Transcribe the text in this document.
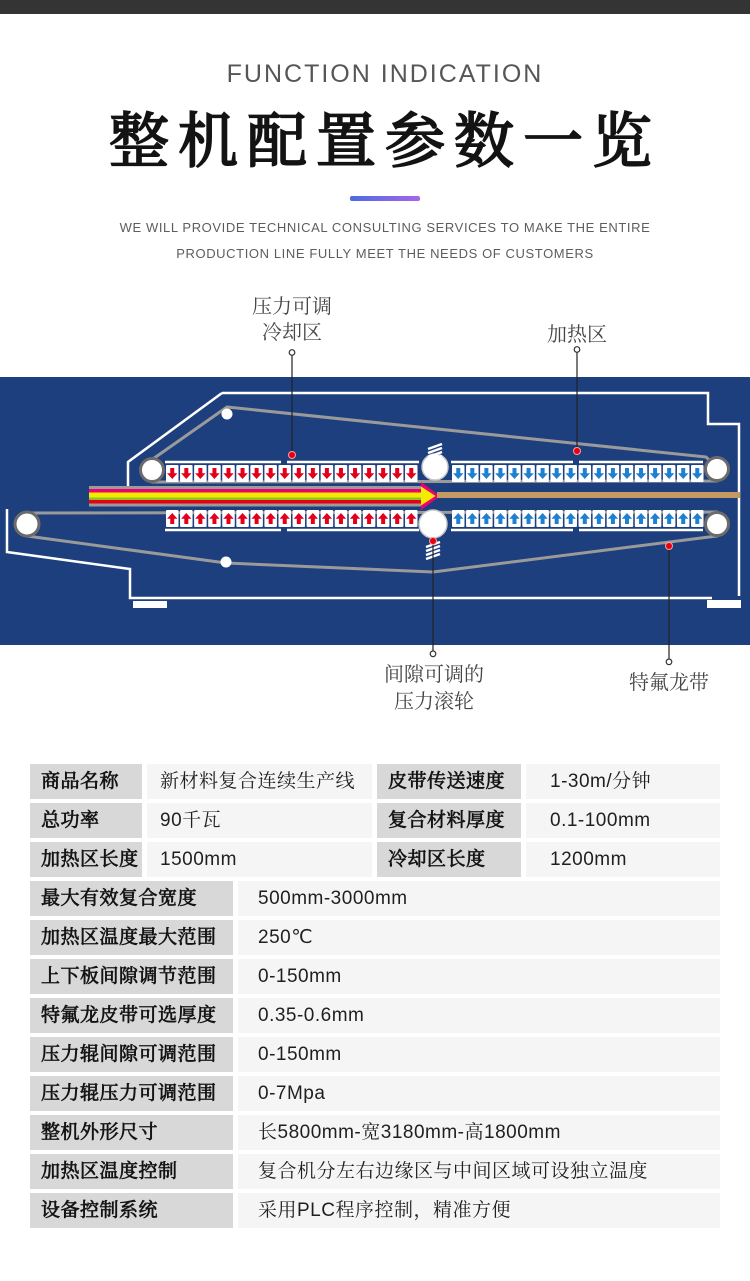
FUNCTION INDICATION
整机配置参数一览
WE WILL PROVIDE TECHNICAL CONSULTING SERVICES TO MAKE THE ENTIRE
PRODUCTION LINE FULLY MEET THE NEEDS OF CUSTOMERS
压力可调
冷却区	加热区
间隙可调的
压力滚轮
特氟龙带
商品名称	新材料复合连续生产线	皮带传送速度	1-30m/分钟
总功率	90千瓦	复合材料厚度	0.1-100mm
加热区长度	1500mm	冷却区长度	1200mm
最大有效复合宽度	500mm-3000mm
加热区温度最大范围	250℃
上下板间隙调节范围	0-150mm
特氟龙皮带可选厚度	0.35-0.6mm
压力辊间隙可调范围	0-150mm
压力辊压力可调范围	0-7Mpa
整机外形尺寸	长5800mm-宽3180mm-高1800mm
加热区温度控制	复合机分左右边缘区与中间区域可设独立温度
设备控制系统	采用PLC程序控制，精准方便
